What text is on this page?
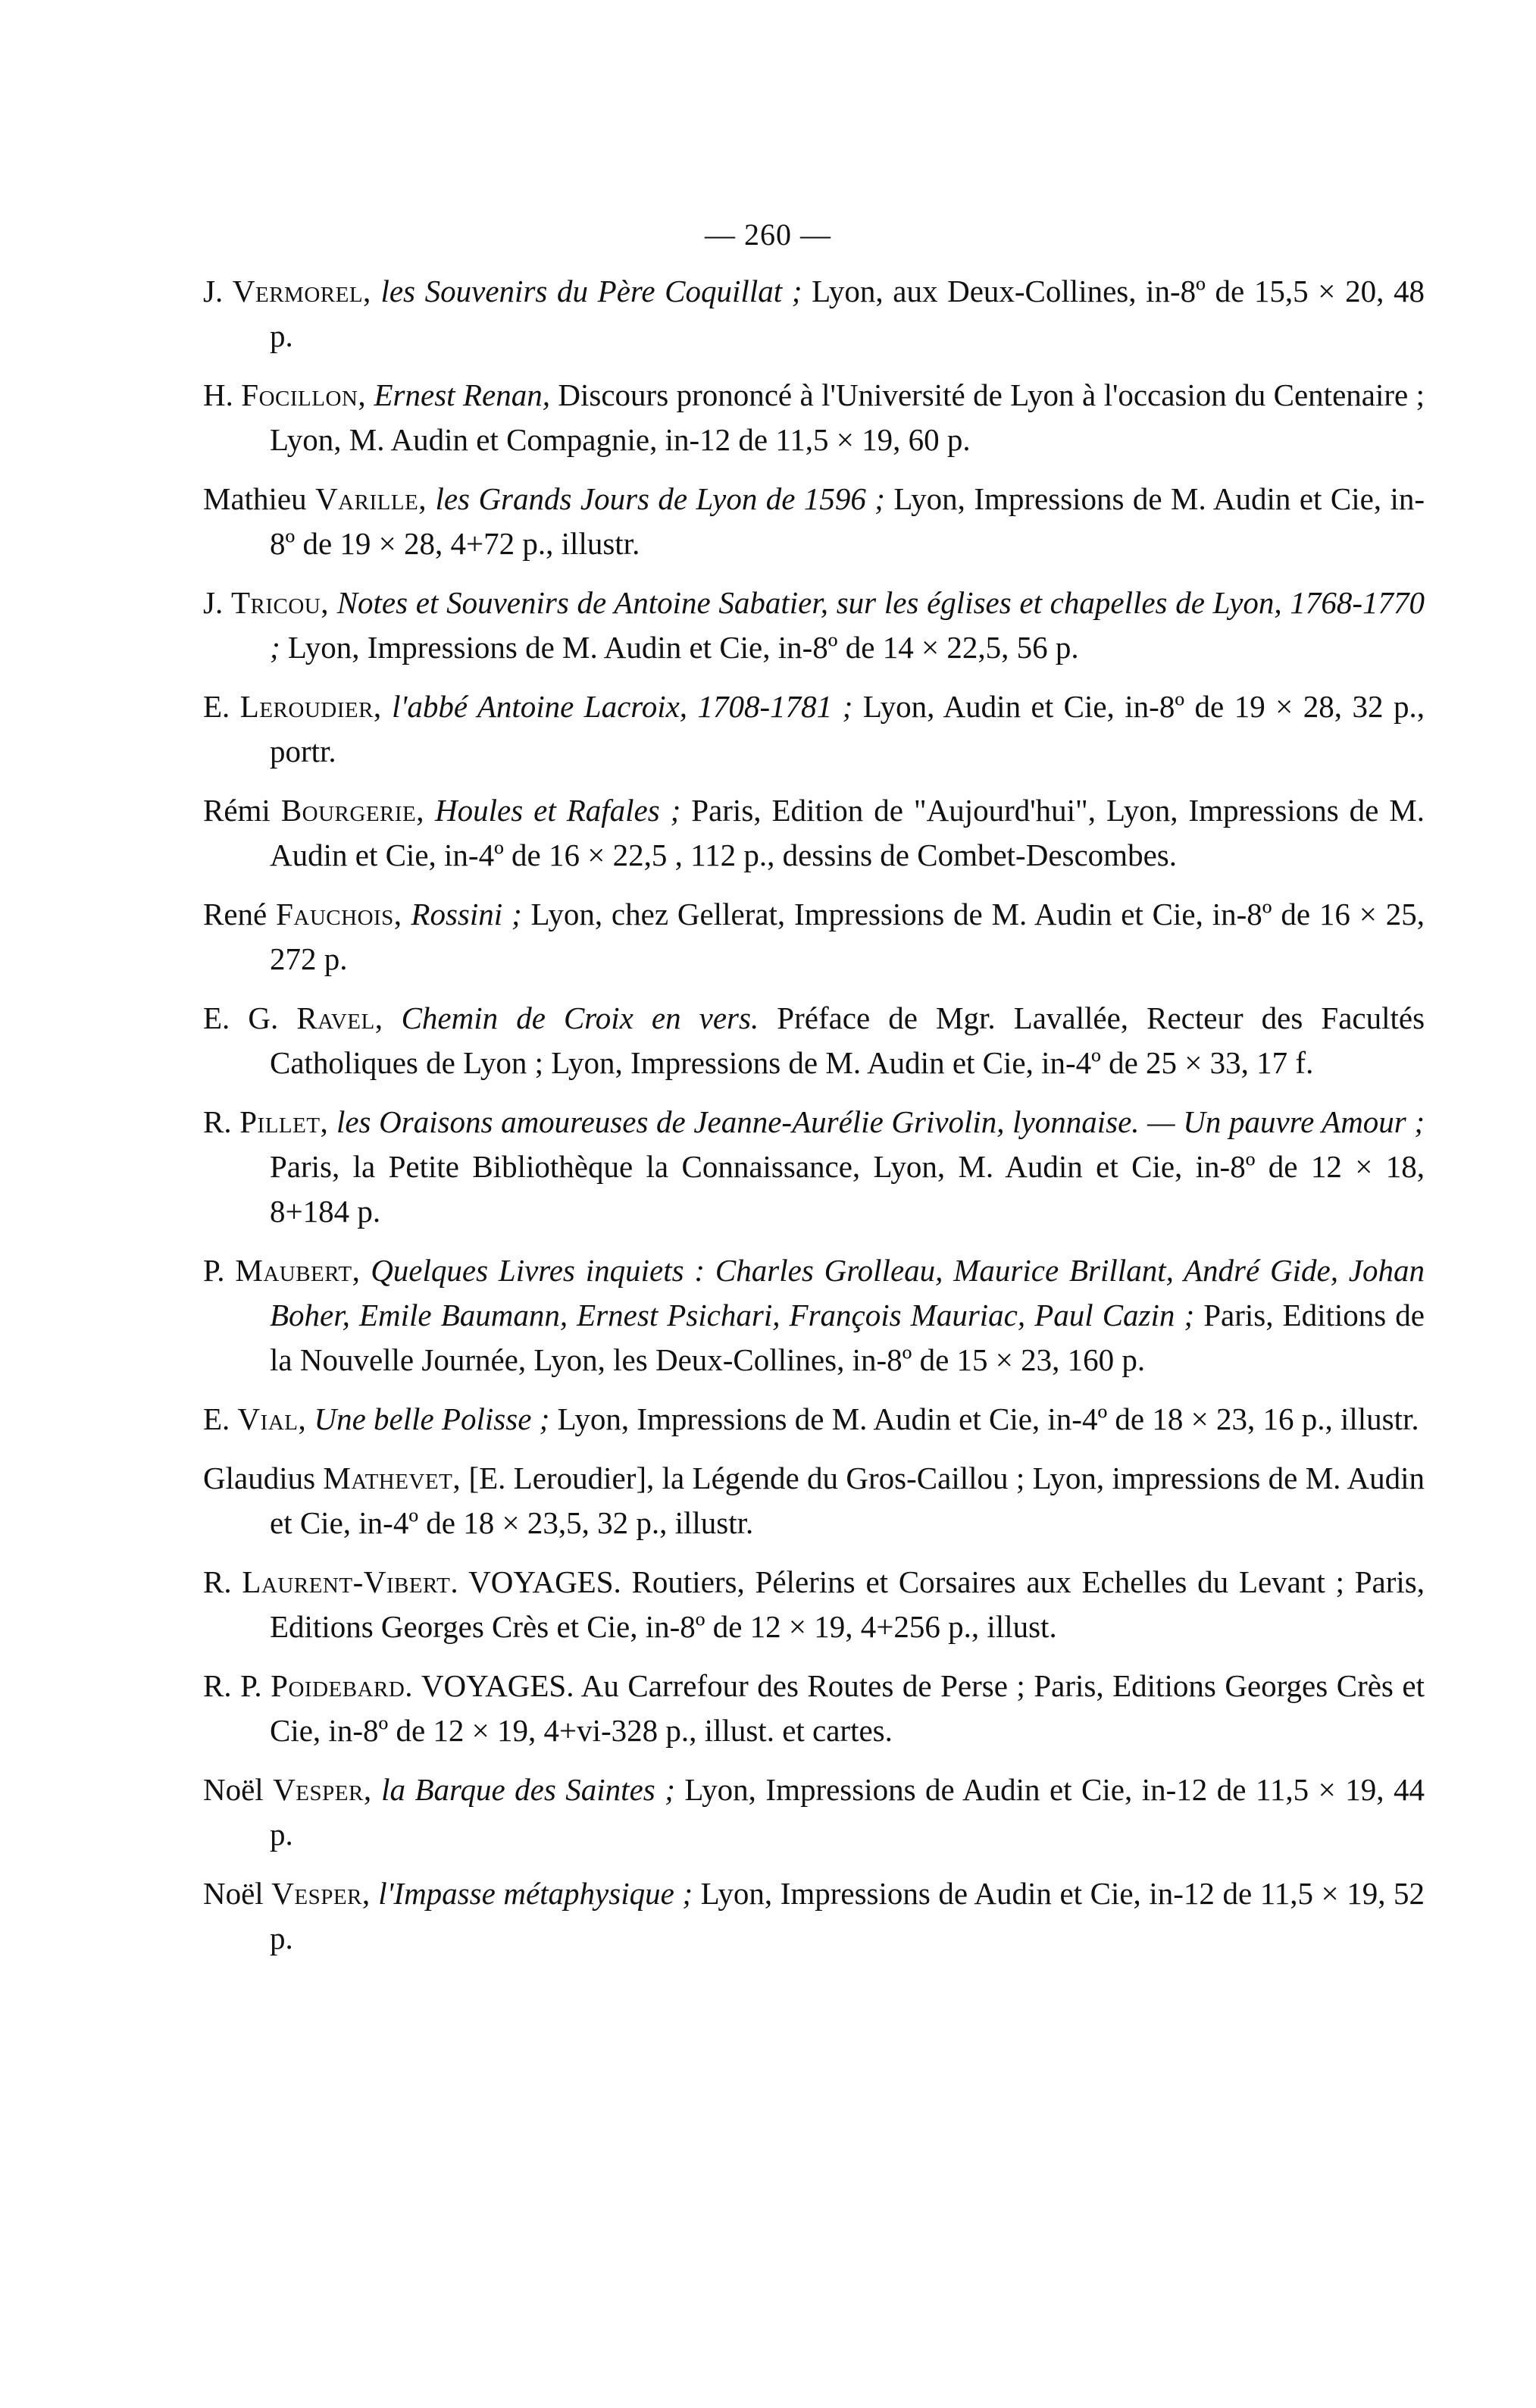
— 260 —

J. Vermorel, les Souvenirs du Père Coquillat ; Lyon, aux Deux-Collines, in-8º de 15,5 × 20, 48 p.

H. Focillon, Ernest Renan, Discours prononcé à l'Université de Lyon à l'occasion du Centenaire ; Lyon, M. Audin et Compagnie, in-12 de 11,5 × 19, 60 p.

Mathieu Varille, les Grands Jours de Lyon de 1596 ; Lyon, Impressions de M. Audin et Cie, in-8º de 19 × 28, 4+72 p., illustr.

J. Tricou, Notes et Souvenirs de Antoine Sabatier, sur les églises et chapelles de Lyon, 1768-1770 ; Lyon, Impressions de M. Audin et Cie, in-8º de 14 × 22,5, 56 p.

E. Leroudier, l'abbé Antoine Lacroix, 1708-1781 ; Lyon, Audin et Cie, in-8º de 19 × 28, 32 p., portr.

Rémi Bourgerie, Houles et Rafales ; Paris, Edition de "Aujourd'hui", Lyon, Impressions de M. Audin et Cie, in-4º de 16 × 22,5 , 112 p., dessins de Combet-Descombes.

René Fauchois, Rossini ; Lyon, chez Gellerat, Impressions de M. Audin et Cie, in-8º de 16 × 25, 272 p.

E. G. Ravel, Chemin de Croix en vers. Préface de Mgr. Lavallée, Recteur des Facultés Catholiques de Lyon ; Lyon, Impressions de M. Audin et Cie, in-4º de 25 × 33, 17 f.

R. Pillet, les Oraisons amoureuses de Jeanne-Aurélie Grivolin, lyonnaise. — Un pauvre Amour ; Paris, la Petite Bibliothèque la Connaissance, Lyon, M. Audin et Cie, in-8º de 12 × 18, 8+184 p.

P. Maubert, Quelques Livres inquiets : Charles Grolleau, Maurice Brillant, André Gide, Johan Boher, Emile Baumann, Ernest Psichari, François Mauriac, Paul Cazin ; Paris, Editions de la Nouvelle Journée, Lyon, les Deux-Collines, in-8º de 15 × 23, 160 p.

E. Vial, Une belle Polisse ; Lyon, Impressions de M. Audin et Cie, in-4º de 18 × 23, 16 p., illustr.

Glaudius Mathevet, [E. Leroudier], la Légende du Gros-Caillou ; Lyon, impressions de M. Audin et Cie, in-4º de 18 × 23,5, 32 p., illustr.

R. Laurent-Vibert. VOYAGES. Routiers, Pélerins et Corsaires aux Echelles du Levant ; Paris, Editions Georges Crès et Cie, in-8º de 12 × 19, 4+256 p., illust.

R. P. Poidebard. VOYAGES. Au Carrefour des Routes de Perse ; Paris, Editions Georges Crès et Cie, in-8º de 12 × 19, 4+vi-328 p., illust. et cartes.

Noël Vesper, la Barque des Saintes ; Lyon, Impressions de Audin et Cie, in-12 de 11,5 × 19, 44 p.

Noël Vesper, l'Impasse métaphysique ; Lyon, Impressions de Audin et Cie, in-12 de 11,5 × 19, 52 p.
